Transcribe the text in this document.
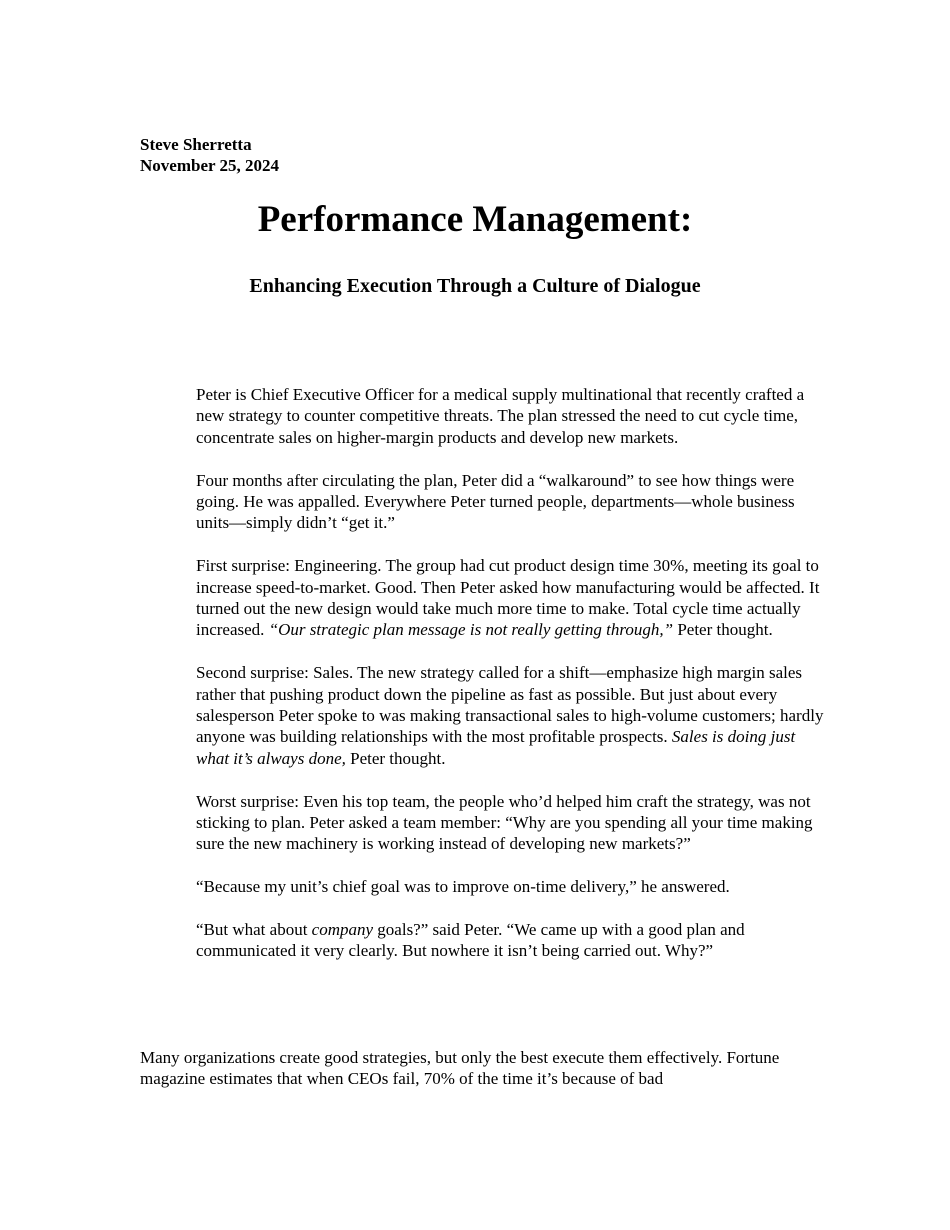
Steve Sherretta
November 25, 2024
Performance Management:
Enhancing Execution Through a Culture of Dialogue

Peter is Chief Executive Officer for a medical supply multinational that recently crafted a new strategy to counter competitive threats. The plan stressed the need to cut cycle time, concentrate sales on higher-margin products and develop new markets.

Four months after circulating the plan, Peter did a “walkaround” to see how things were going. He was appalled. Everywhere Peter turned people, departments—whole business units—simply didn’t “get it.”

First surprise: Engineering. The group had cut product design time 30%, meeting its goal to increase speed-to-market. Good. Then Peter asked how manufacturing would be affected. It turned out the new design would take much more time to make. Total cycle time actually increased. “Our strategic plan message is not really getting through,” Peter thought.

Second surprise: Sales. The new strategy called for a shift—emphasize high margin sales rather that pushing product down the pipeline as fast as possible. But just about every salesperson Peter spoke to was making transactional sales to high-volume customers; hardly anyone was building relationships with the most profitable prospects. Sales is doing just what it’s always done, Peter thought.

Worst surprise: Even his top team, the people who’d helped him craft the strategy, was not sticking to plan. Peter asked a team member: “Why are you spending all your time making sure the new machinery is working instead of developing new markets?”

“Because my unit’s chief goal was to improve on-time delivery,” he answered.

“But what about company goals?” said Peter. “We came up with a good plan and communicated it very clearly. But nowhere it isn’t being carried out. Why?”

Many organizations create good strategies, but only the best execute them effectively. Fortune magazine estimates that when CEOs fail, 70% of the time it’s because of bad
